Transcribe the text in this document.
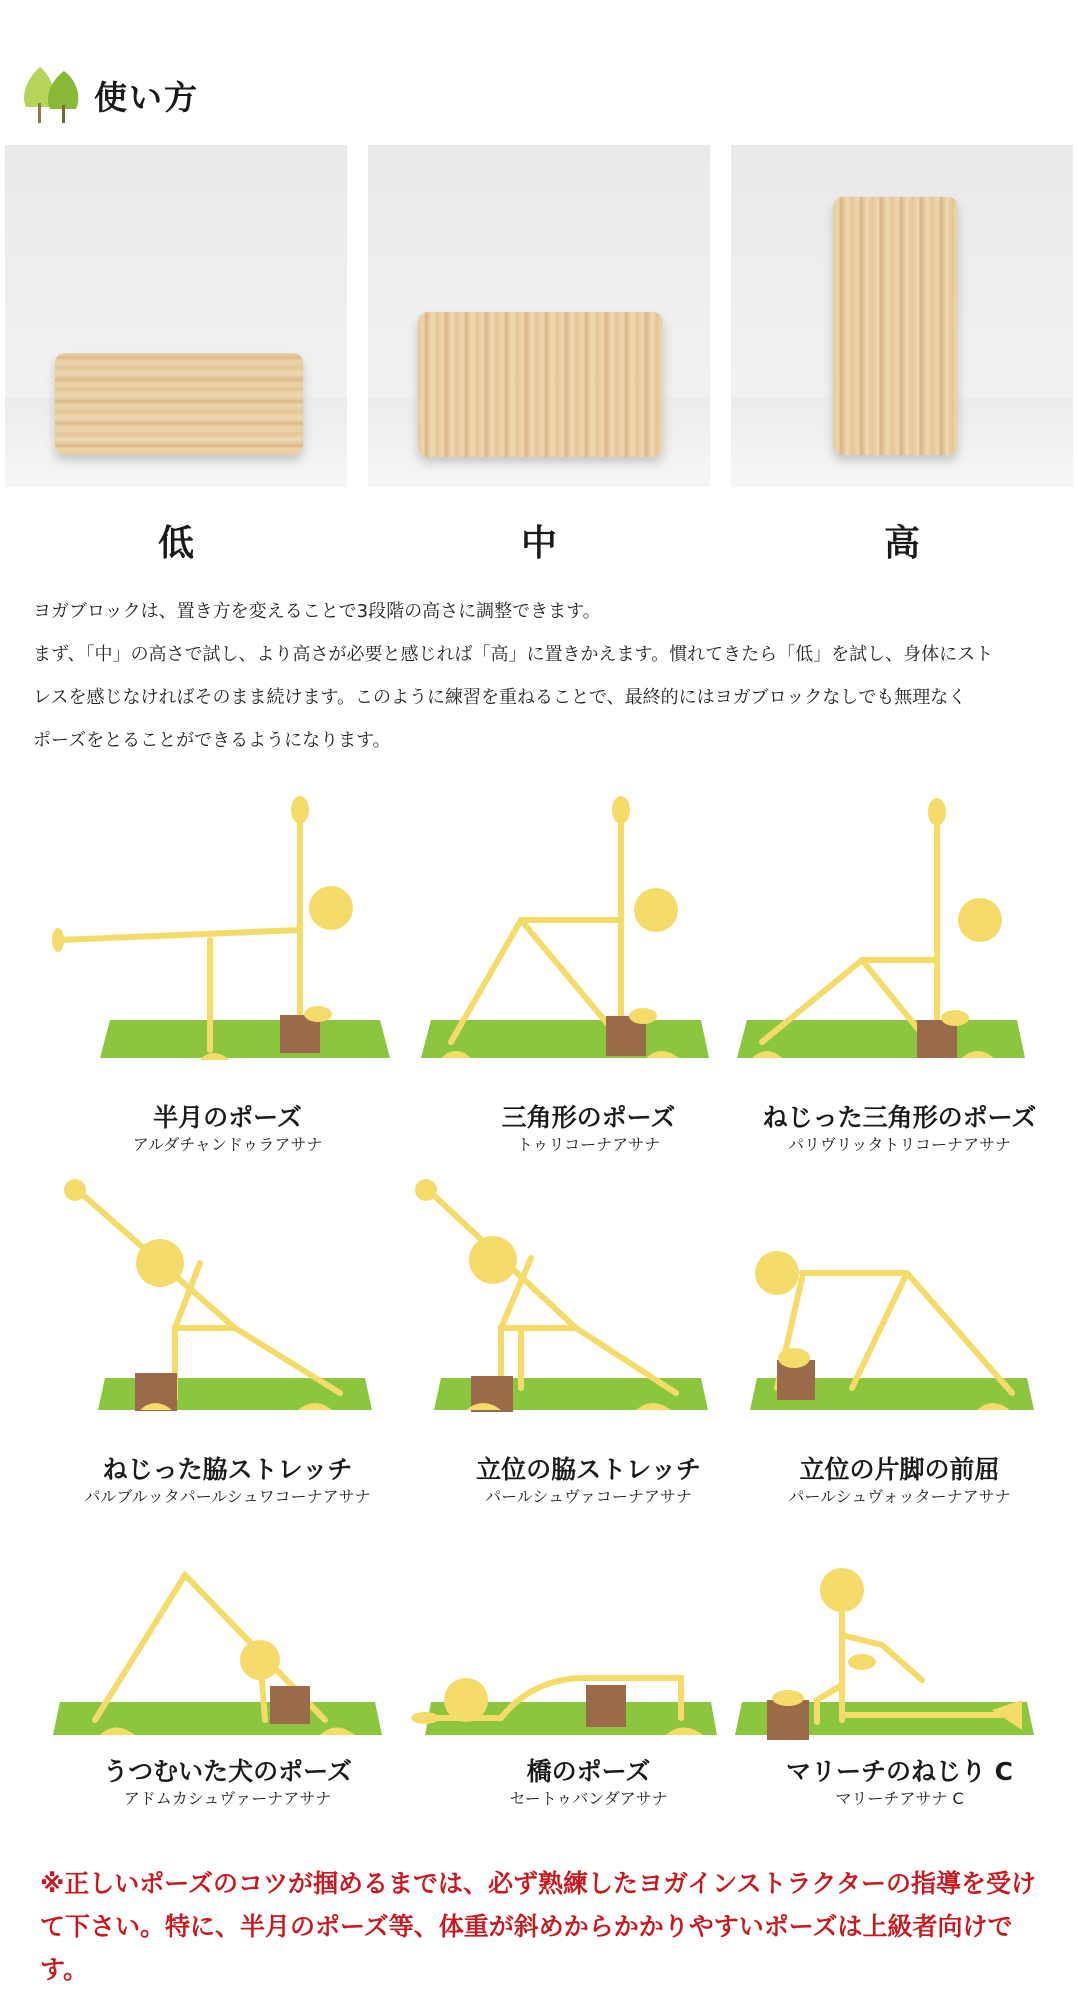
使い方
低	中	高

ヨガブロックは、置き方を変えることで3段階の高さに調整できます。

まず、「中」の高さで試し、より高さが必要と感じれば「高」に置きかえます。慣れてきたら「低」を試し、身体にスト

レスを感じなければそのまま続けます。このように練習を重ねることで、最終的にはヨガブロックなしでも無理なく

ポーズをとることができるようになります。

半月のポーズ
アルダチャンドゥラアサナ
三角形のポーズ
トゥリコーナアサナ
ねじった三角形のポーズ
パリヴリッタトリコーナアサナ
ねじった脇ストレッチ
パルブルッタパールシュワコーナアサナ
立位の脇ストレッチ
パールシュヴァコーナアサナ
立位の片脚の前屈
パールシュヴォッターナアサナ
うつむいた犬のポーズ
アドムカシュヴァーナアサナ
橋のポーズ
セートゥバンダアサナ
マリーチのねじり C
マリーチアサナ C
※正しいポーズのコツが掴めるまでは、必ず熟練したヨガインストラクターの指導を受けて下さい。特に、半月のポーズ等、体重が斜めからかかりやすいポーズは上級者向けです。
